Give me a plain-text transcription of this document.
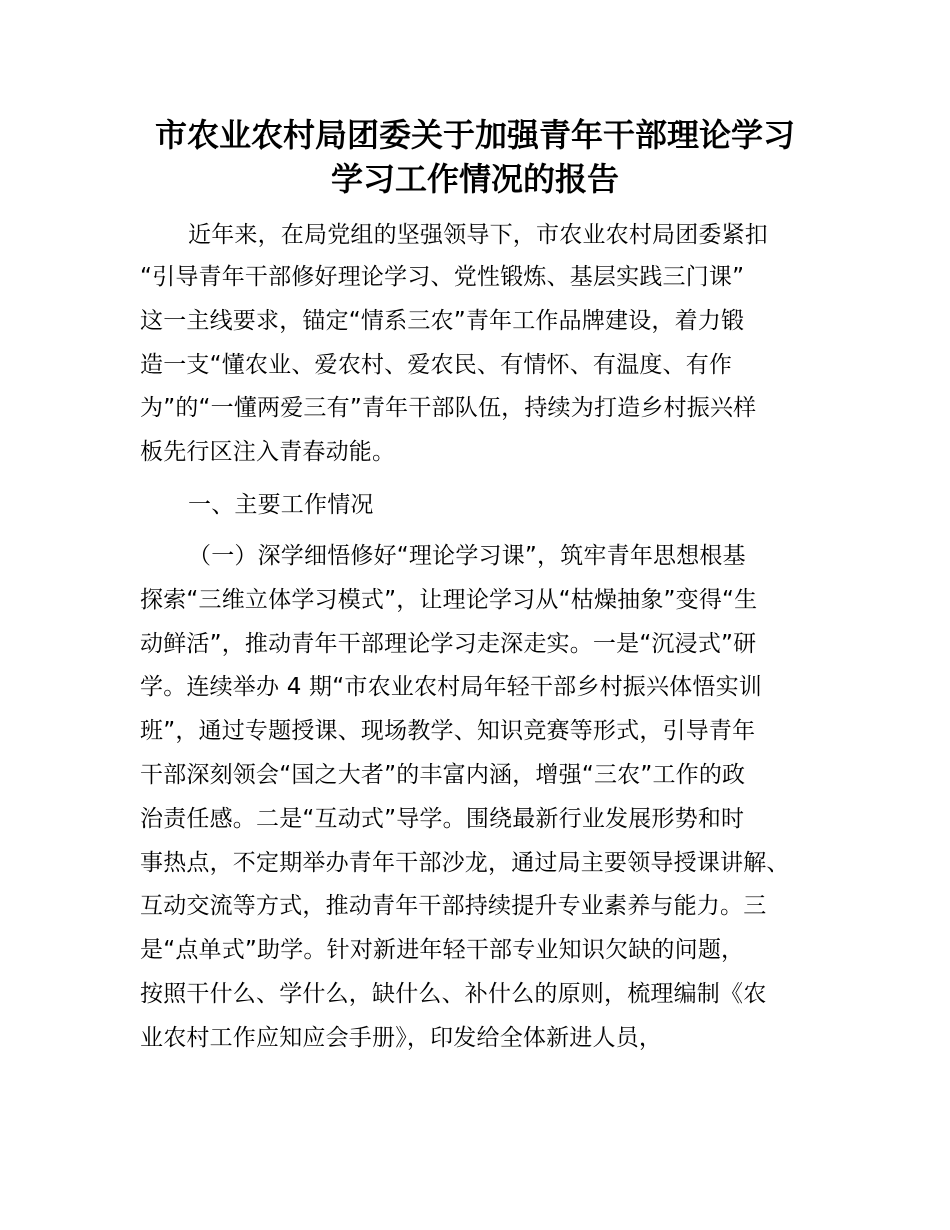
市农业农村局团委关于加强青年干部理论学习
学习工作情况的报告

近年来，在局党组的坚强领导下，市农业农村局团委紧扣

“引导青年干部修好理论学习、党性锻炼、基层实践三门课”

这一主线要求，锚定“情系三农”青年工作品牌建设，着力锻

造一支“懂农业、爱农村、爱农民、有情怀、有温度、有作

为”的“一懂两爱三有”青年干部队伍，持续为打造乡村振兴样

板先行区注入青春动能。

一、主要工作情况

（一）深学细悟修好“理论学习课”，筑牢青年思想根基

探索“三维立体学习模式”，让理论学习从“枯燥抽象”变得“生

动鲜活”，推动青年干部理论学习走深走实。一是“沉浸式”研

学。连续举办 4 期“市农业农村局年轻干部乡村振兴体悟实训

班”，通过专题授课、现场教学、知识竞赛等形式，引导青年

干部深刻领会“国之大者”的丰富内涵，增强“三农”工作的政

治责任感。二是“互动式”导学。围绕最新行业发展形势和时

事热点，不定期举办青年干部沙龙，通过局主要领导授课讲解、

互动交流等方式，推动青年干部持续提升专业素养与能力。三

是“点单式”助学。针对新进年轻干部专业知识欠缺的问题，

按照干什么、学什么，缺什么、补什么的原则，梳理编制《农

业农村工作应知应会手册》，印发给全体新进人员，
